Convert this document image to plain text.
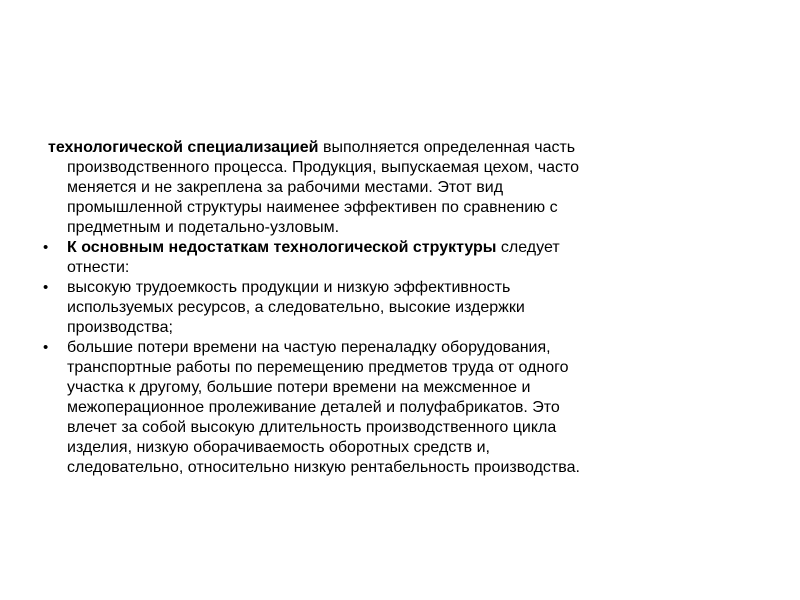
технологической специализацией выполняется определенная часть
производственного процесса. Продукция, выпускаемая цехом, часто
меняется и не закреплена за рабочими местами. Этот вид
промышленной структуры наименее эффективен по сравнению с
предметным и подетально-узловым.
•	К основным недостаткам технологической структуры следует
отнести:
•	высокую трудоемкость продукции и низкую эффективность
используемых ресурсов, а следовательно, высокие издержки
производства;
•	большие потери времени на частую переналадку оборудования,
транспортные работы по перемещению предметов труда от одного
участка к другому, большие потери времени на межсменное и
межоперационное пролеживание деталей и полуфабрикатов. Это
влечет за собой высокую длительность производственного цикла
изделия, низкую оборачиваемость оборотных средств и,
следовательно, относительно низкую рентабельность производства.
